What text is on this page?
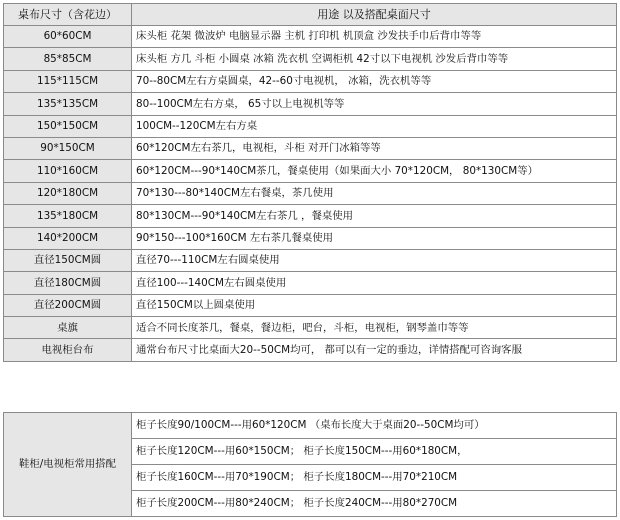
桌布尺寸（含花边）	用途 以及搭配桌面尺寸
60*60CM	床头柜 花架 微波炉 电脑显示器 主机 打印机 机顶盒 沙发扶手巾后背巾等等
85*85CM	床头柜 方几 斗柜 小圆桌 冰箱 洗衣机 空调柜机 42寸以下电视机 沙发后背巾等等
115*115CM	70--80CM左右方桌圆桌，42--60寸电视机， 冰箱，洗衣机等等
135*135CM	80--100CM左右方桌， 65寸以上电视机等等
150*150CM	100CM--120CM左右方桌
90*150CM	60*120CM左右茶几，电视柜，斗柜 对开门冰箱等等
110*160CM	60*120CM---90*140CM茶几，餐桌使用（如果面大小 70*120CM， 80*130CM等）
120*180CM	70*130---80*140CM左右餐桌，茶几使用
135*180CM	80*130CM---90*140CM左右茶几 ，餐桌使用
140*200CM	90*150---100*160CM 左右茶几餐桌使用
直径150CM圆	直径70---110CM左右圆桌使用
直径180CM圆	直径100---140CM左右圆桌使用
直径200CM圆	直径150CM以上圆桌使用
桌旗	适合不同长度茶几，餐桌，餐边柜，吧台，斗柜，电视柜，钢琴盖巾等等
电视柜台布	通常台布尺寸比桌面大20--50CM均可， 都可以有一定的垂边，详情搭配可咨询客服
鞋柜/电视柜常用搭配	柜子长度90/100CM---用60*120CM （桌布长度大于桌面20--50CM均可）
柜子长度120CM---用60*150CM； 柜子长度150CM---用60*180CM，
柜子长度160CM---用70*190CM； 柜子长度180CM---用70*210CM
柜子长度200CM---用80*240CM； 柜子长度240CM---用80*270CM
